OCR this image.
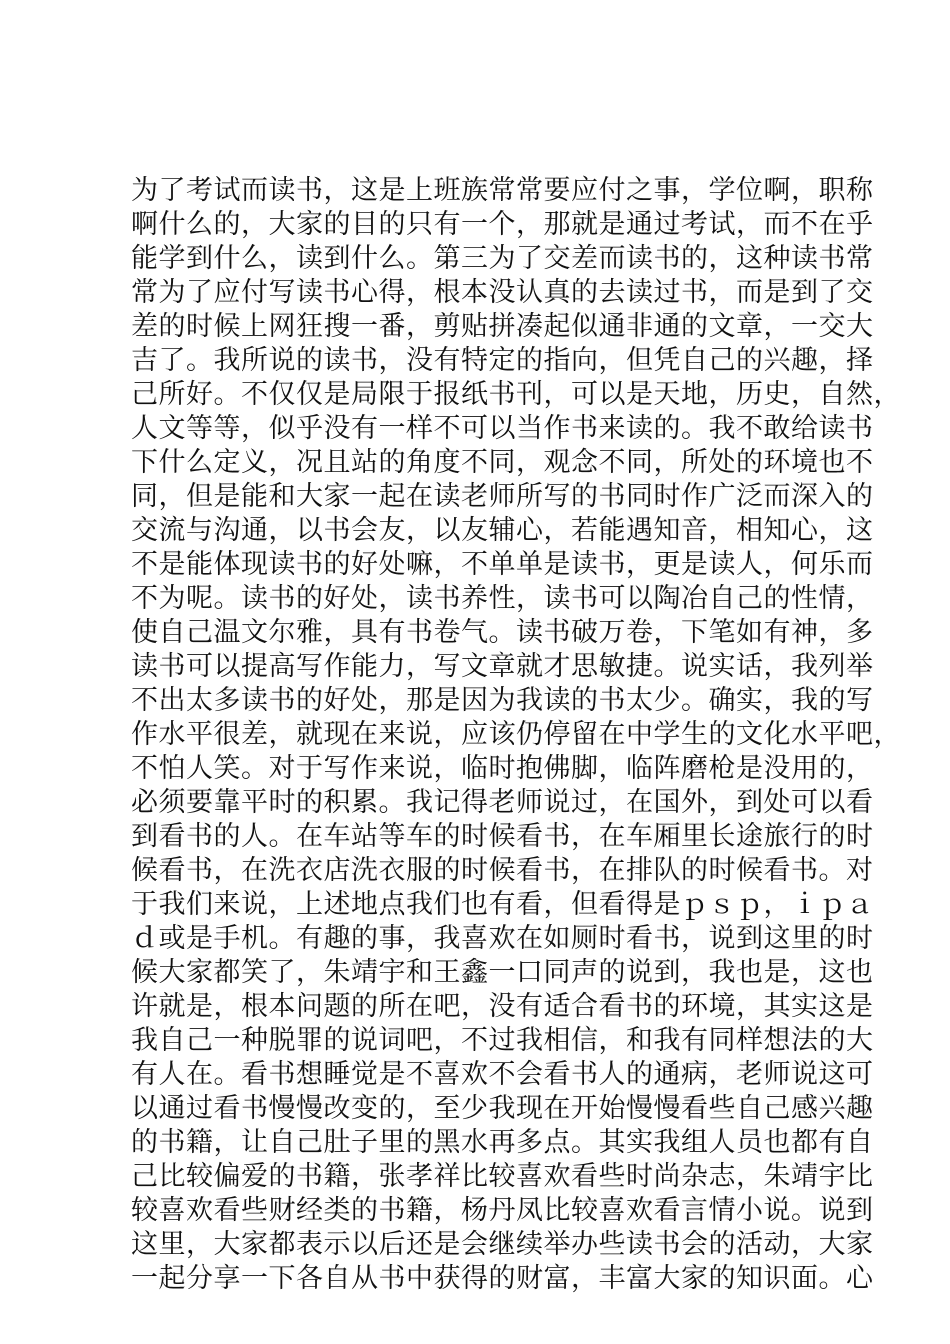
为了考试而读书，这是上班族常常要应付之事，学位啊，职称
啊什么的，大家的目的只有一个，那就是通过考试，而不在乎
能学到什么，读到什么。第三为了交差而读书的，这种读书常
常为了应付写读书心得，根本没认真的去读过书，而是到了交
差的时候上网狂搜一番，剪贴拼凑起似通非通的文章，一交大
吉了。我所说的读书，没有特定的指向，但凭自己的兴趣，择
己所好。不仅仅是局限于报纸书刊，可以是天地，历史，自然，
人文等等，似乎没有一样不可以当作书来读的。我不敢给读书
下什么定义，况且站的角度不同，观念不同，所处的环境也不
同，但是能和大家一起在读老师所写的书同时作广泛而深入的
交流与沟通，以书会友，以友辅心，若能遇知音，相知心，这
不是能体现读书的好处嘛，不单单是读书，更是读人，何乐而
不为呢。读书的好处，读书养性，读书可以陶冶自己的性情，
使自己温文尔雅，具有书卷气。读书破万卷，下笔如有神，多
读书可以提高写作能力，写文章就才思敏捷。说实话，我列举
不出太多读书的好处，那是因为我读的书太少。确实，我的写
作水平很差，就现在来说，应该仍停留在中学生的文化水平吧，
不怕人笑。对于写作来说，临时抱佛脚，临阵磨枪是没用的，
必须要靠平时的积累。我记得老师说过，在国外，到处可以看
到看书的人。在车站等车的时候看书，在车厢里长途旅行的时
候看书，在洗衣店洗衣服的时候看书，在排队的时候看书。对
于我们来说，上述地点我们也有看，但看得是ｐｓｐ，ｉｐａ
ｄ或是手机。有趣的事，我喜欢在如厕时看书，说到这里的时
候大家都笑了，朱靖宇和王鑫一口同声的说到，我也是，这也
许就是，根本问题的所在吧，没有适合看书的环境，其实这是
我自己一种脱罪的说词吧，不过我相信，和我有同样想法的大
有人在。看书想睡觉是不喜欢不会看书人的通病，老师说这可
以通过看书慢慢改变的，至少我现在开始慢慢看些自己感兴趣
的书籍，让自己肚子里的黑水再多点。其实我组人员也都有自
己比较偏爱的书籍，张孝祥比较喜欢看些时尚杂志，朱靖宇比
较喜欢看些财经类的书籍，杨丹凤比较喜欢看言情小说。说到
这里，大家都表示以后还是会继续举办些读书会的活动，大家
一起分享一下各自从书中获得的财富，丰富大家的知识面。心
